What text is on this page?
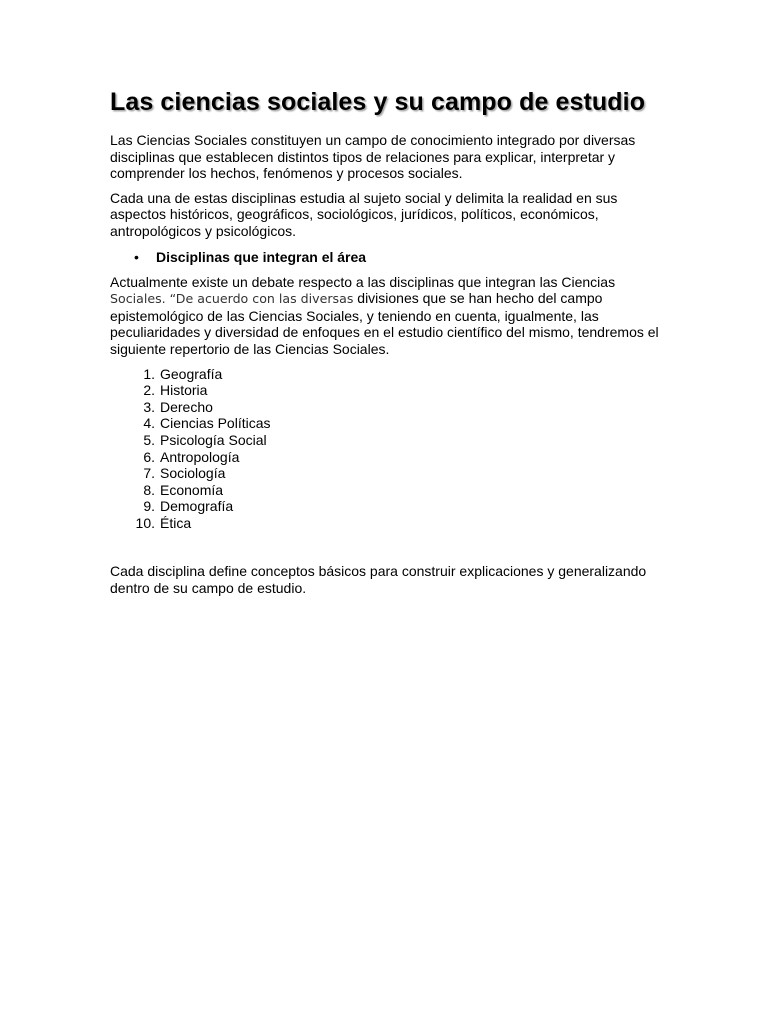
Las ciencias sociales y su campo de estudio

Las Ciencias Sociales constituyen un campo de conocimiento integrado por diversas disciplinas que establecen distintos tipos de relaciones para explicar, interpretar y comprender los hechos, fenómenos y procesos sociales.

Cada una de estas disciplinas estudia al sujeto social y delimita la realidad en sus aspectos históricos, geográficos, sociológicos, jurídicos, políticos, económicos, antropológicos y psicológicos.

• Disciplinas que integran el área

Actualmente existe un debate respecto a las disciplinas que integran las Ciencias Sociales. “De acuerdo con las diversas divisiones que se han hecho del campo epistemológico de las Ciencias Sociales, y teniendo en cuenta, igualmente, las peculiaridades y diversidad de enfoques en el estudio científico del mismo, tendremos el siguiente repertorio de las Ciencias Sociales.

1. Geografía
2. Historia
3. Derecho
4. Ciencias Políticas
5. Psicología Social
6. Antropología
7. Sociología
8. Economía
9. Demografía
10. Ética

Cada disciplina define conceptos básicos para construir explicaciones y generalizando dentro de su campo de estudio.
